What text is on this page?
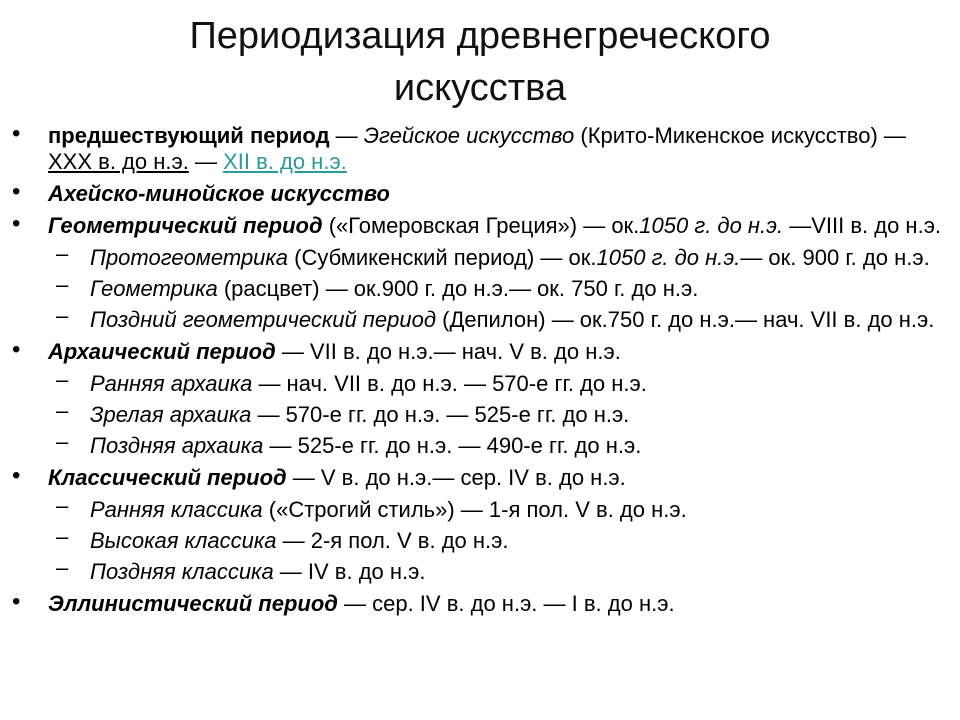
Периодизация древнегреческого
искусства
• предшествующий период — Эгейское искусство (Крито-Микенское искусство) — XXX в. до н.э. — XII в. до н.э.
• Ахейско-минойское искусство
• Геометрический период («Гомеровская Греция») — ок.1050 г. до н.э. —VIII в. до н.э.
– Протогеометрика (Субмикенский период) — ок.1050 г. до н.э.— ок. 900 г. до н.э.
– Геометрика (расцвет) — ок.900 г. до н.э.— ок. 750 г. до н.э.
– Поздний геометрический период (Депилон) — ок.750 г. до н.э.— нач. VII в. до н.э.
• Архаический период — VII в. до н.э.— нач. V в. до н.э.
– Ранняя архаика — нач. VII в. до н.э. — 570-е гг. до н.э.
– Зрелая архаика — 570-е гг. до н.э. — 525-е гг. до н.э.
– Поздняя архаика — 525-е гг. до н.э. — 490-е гг. до н.э.
• Классический период — V в. до н.э.— сер. IV в. до н.э.
– Ранняя классика («Строгий стиль») — 1-я пол. V в. до н.э.
– Высокая классика — 2-я пол. V в. до н.э.
– Поздняя классика — IV в. до н.э.
• Эллинистический период — сер. IV в. до н.э. — I в. до н.э.
